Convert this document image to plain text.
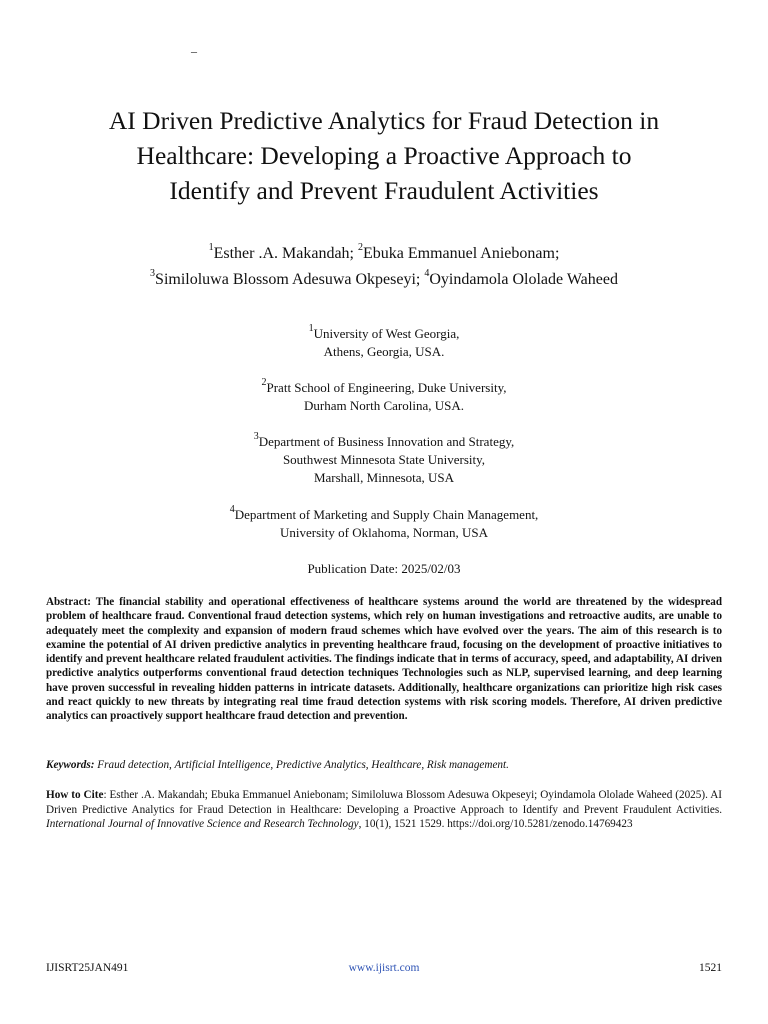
–
AI Driven Predictive Analytics for Fraud Detection in
Healthcare: Developing a Proactive Approach to
Identify and Prevent Fraudulent Activities
$^1$Esther .A. Makandah; $^2$Ebuka Emmanuel Aniebonam;
$^3$Similoluwa Blossom Adesuwa Okpeseyi; $^4$Oyindamola Ololade Waheed
$^1$University of West Georgia,
Athens, Georgia, USA.
$^2$Pratt School of Engineering, Duke University,
Durham North Carolina, USA.
$^3$Department of Business Innovation and Strategy,
Southwest Minnesota State University,
Marshall, Minnesota, USA
$^4$Department of Marketing and Supply Chain Management,
University of Oklahoma, Norman, USA
Publication Date: 2025/02/03
Abstract: The financial stability and operational effectiveness of healthcare systems around the world are threatened by the widespread problem of healthcare fraud. Conventional fraud detection systems, which rely on human investigations and retroactive audits, are unable to adequately meet the complexity and expansion of modern fraud schemes which have evolved over the years. The aim of this research is to examine the potential of AI driven predictive analytics in preventing healthcare fraud, focusing on the development of proactive initiatives to identify and prevent healthcare related fraudulent activities. The findings indicate that in terms of accuracy, speed, and adaptability, AI driven predictive analytics outperforms conventional fraud detection techniques Technologies such as NLP, supervised learning, and deep learning have proven successful in revealing hidden patterns in intricate datasets. Additionally, healthcare organizations can prioritize high risk cases and react quickly to new threats by integrating real time fraud detection systems with risk scoring models. Therefore, AI driven predictive analytics can proactively support healthcare fraud detection and prevention.
Keywords: Fraud detection, Artificial Intelligence, Predictive Analytics, Healthcare, Risk management.
How to Cite: Esther .A. Makandah; Ebuka Emmanuel Aniebonam; Similoluwa Blossom Adesuwa Okpeseyi; Oyindamola Ololade Waheed (2025). AI Driven Predictive Analytics for Fraud Detection in Healthcare: Developing a Proactive Approach to Identify and Prevent Fraudulent Activities. International Journal of Innovative Science and Research Technology, 10(1), 1521 1529. https://doi.org/10.5281/zenodo.14769423
IJISRT25JAN491	www.ijisrt.com	1521
